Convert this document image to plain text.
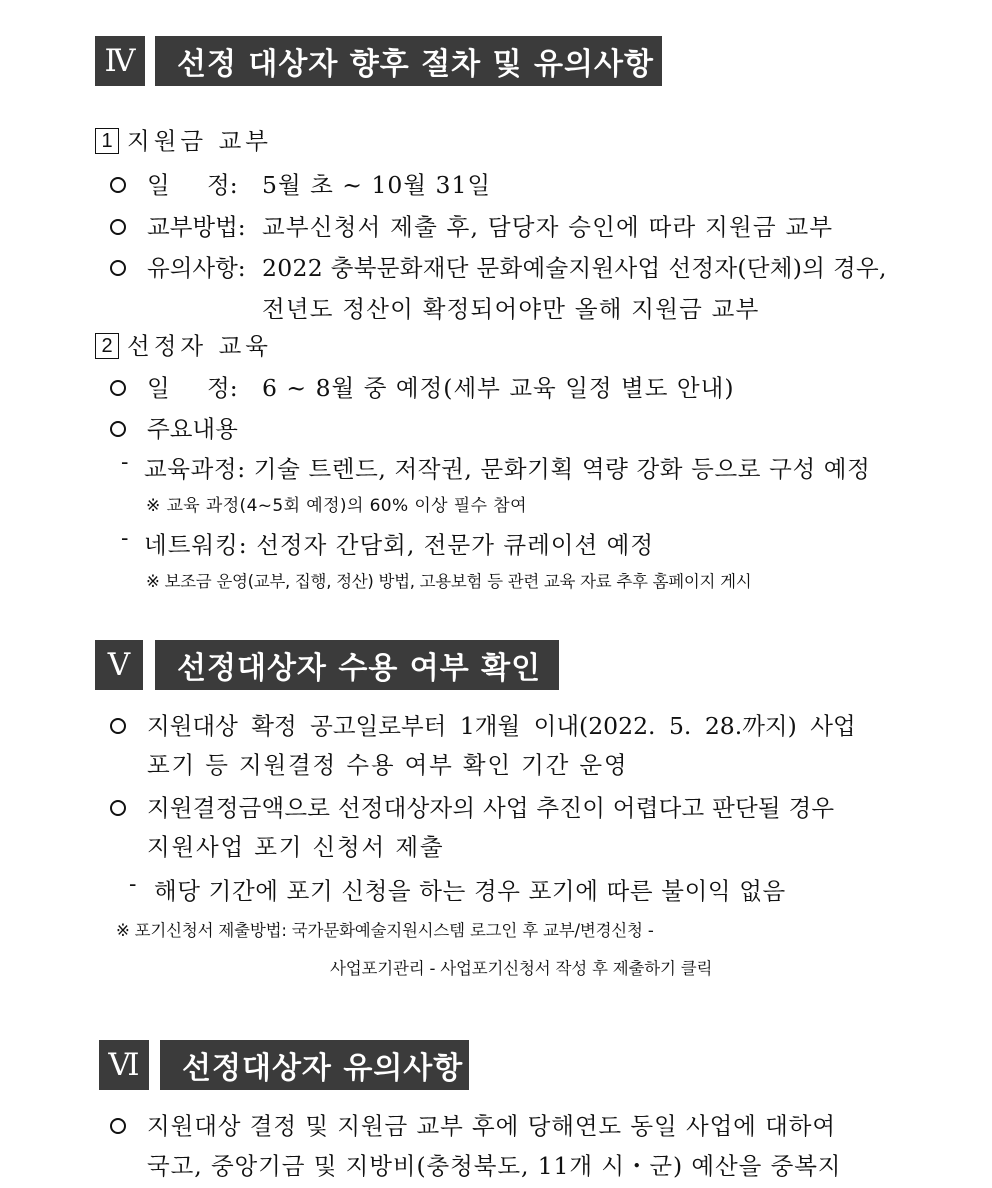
Ⅳ	선정 대상자 향후 절차 및 유의사항
1 지원금 교부
일     정: 5월 초 ~ 10월 31일
교부방법: 교부신청서 제출 후, 담당자 승인에 따라 지원금 교부
유의사항: 2022 충북문화재단 문화예술지원사업 선정자(단체)의 경우,
전년도 정산이 확정되어야만 올해 지원금 교부
2 선정자 교육
일     정: 6 ~ 8월 중 예정(세부 교육 일정 별도 안내)
주요내용
- 교육과정: 기술 트렌드, 저작권, 문화기획 역량 강화 등으로 구성 예정
※ 교육 과정(4~5회 예정)의 60% 이상 필수 참여
- 네트워킹: 선정자 간담회, 전문가 큐레이션 예정
※ 보조금 운영(교부, 집행, 정산) 방법, 고용보험 등 관련 교육 자료 추후 홈페이지 게시
Ⅴ	선정대상자 수용 여부 확인
지원대상 확정 공고일로부터 1개월 이내(2022. 5. 28.까지) 사업
포기 등 지원결정 수용 여부 확인 기간 운영
지원결정금액으로 선정대상자의 사업 추진이 어렵다고 판단될 경우
지원사업 포기 신청서 제출
- 해당 기간에 포기 신청을 하는 경우 포기에 따른 불이익 없음
※ 포기신청서 제출방법: 국가문화예술지원시스템 로그인 후 교부/변경신청 -
사업포기관리 - 사업포기신청서 작성 후 제출하기 클릭
Ⅵ	선정대상자 유의사항
지원대상 결정 및 지원금 교부 후에 당해연도 동일 사업에 대하여
국고, 중앙기금 및 지방비(충청북도, 11개 시・군) 예산을 중복지
